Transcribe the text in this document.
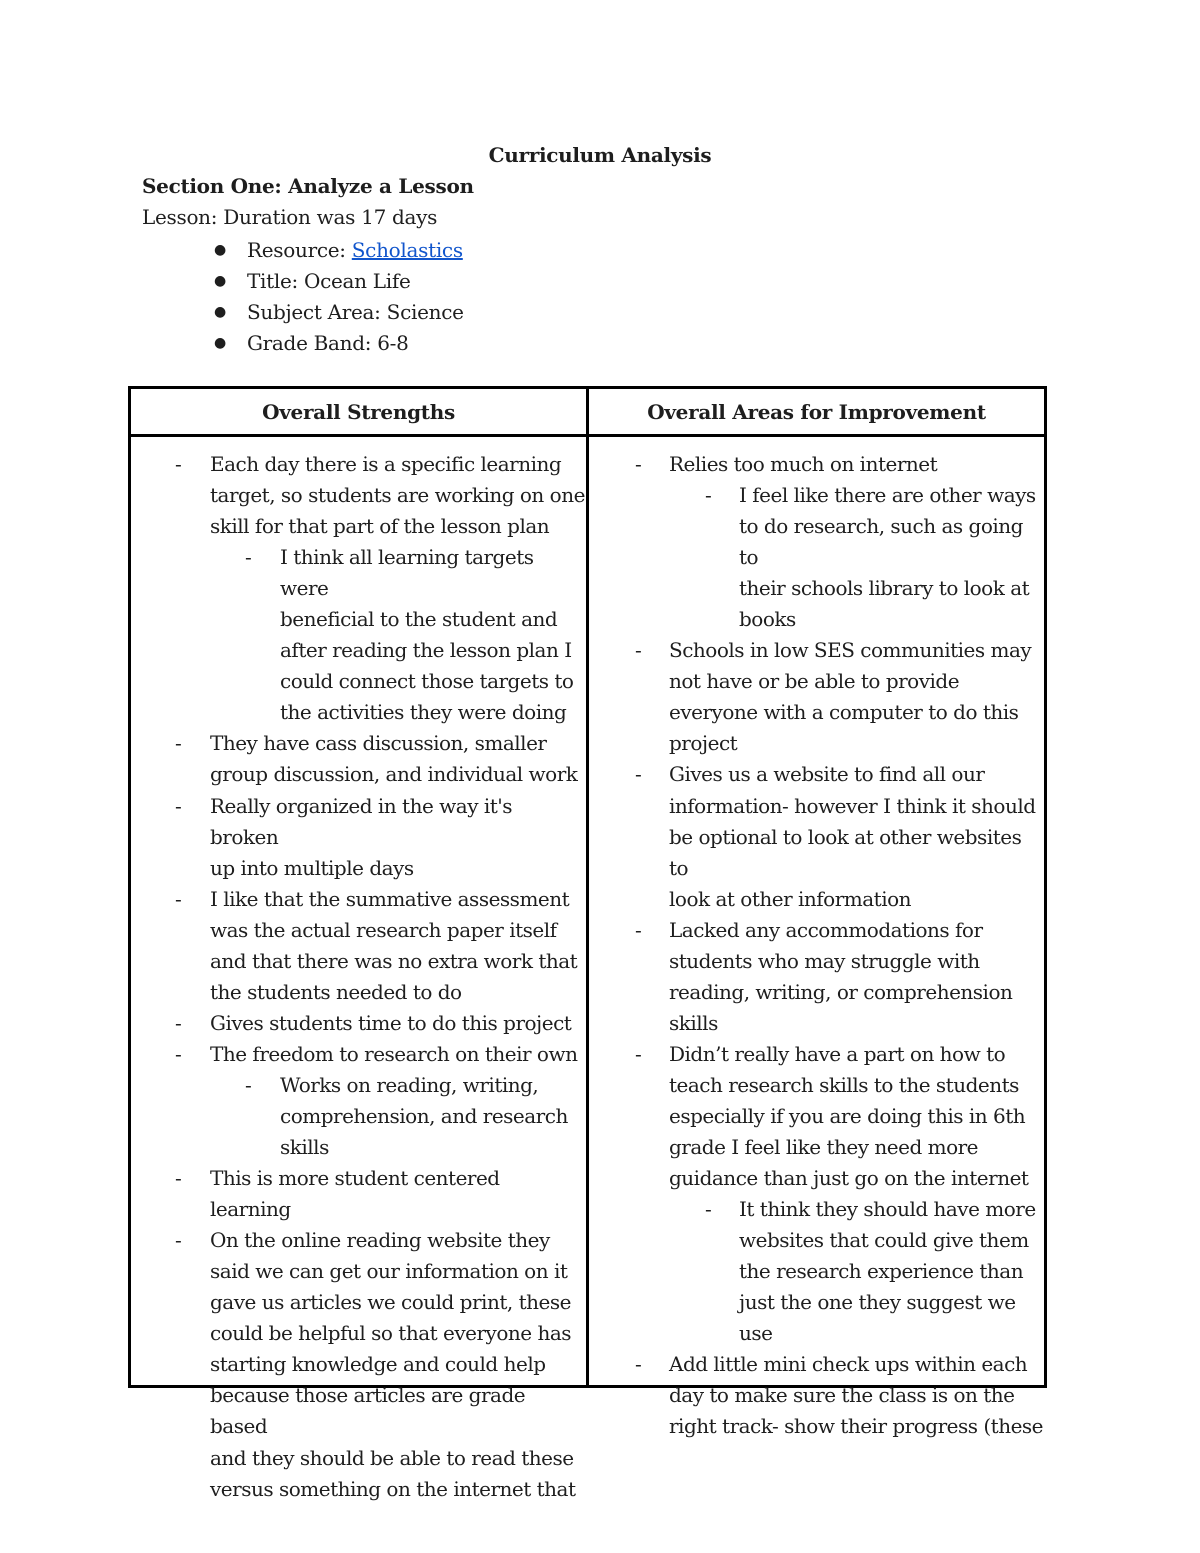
Curriculum Analysis
Section One: Analyze a Lesson
Lesson: Duration was 17 days
● Resource: Scholastics
● Title: Ocean Life
● Subject Area: Science
● Grade Band: 6-8
Overall Strengths	Overall Areas for Improvement
- Each day there is a specific learning
target, so students are working on one
skill for that part of the lesson plan
- I think all learning targets were
beneficial to the student and
after reading the lesson plan I
could connect those targets to
the activities they were doing
- They have cass discussion, smaller
group discussion, and individual work
- Really organized in the way it's broken
up into multiple days
- I like that the summative assessment
was the actual research paper itself
and that there was no extra work that
the students needed to do
- Gives students time to do this project
- The freedom to research on their own
- Works on reading, writing,
comprehension, and research
skills
- This is more student centered learning
- On the online reading website they
said we can get our information on it
gave us articles we could print, these
could be helpful so that everyone has
starting knowledge and could help
because those articles are grade based
and they should be able to read these
versus something on the internet that
- Relies too much on internet
- I feel like there are other ways
to do research, such as going to
their schools library to look at
books
- Schools in low SES communities may
not have or be able to provide
everyone with a computer to do this
project
- Gives us a website to find all our
information- however I think it should
be optional to look at other websites to
look at other information
- Lacked any accommodations for
students who may struggle with
reading, writing, or comprehension
skills
- Didn’t really have a part on how to
teach research skills to the students
especially if you are doing this in 6th
grade I feel like they need more
guidance than just go on the internet
- It think they should have more
websites that could give them
the research experience than
just the one they suggest we
use
- Add little mini check ups within each
day to make sure the class is on the
right track- show their progress (these
